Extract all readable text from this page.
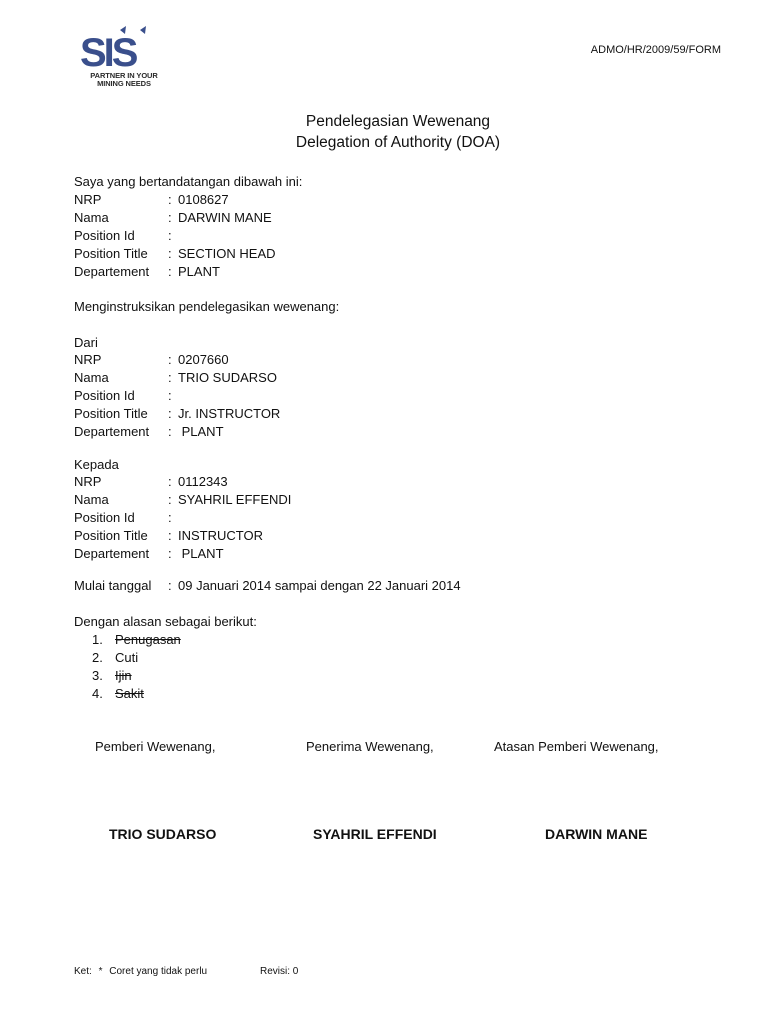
SIS
PARTNER IN YOUR
MINING NEEDS
ADMO/HR/2009/59/FORM
Pendelegasian Wewenang
Delegation of Authority (DOA)
Saya yang bertandatangan dibawah ini:
NRP	: 0108627
Nama	: DARWIN MANE
Position Id	:
Position Title : SECTION HEAD
Departement : PLANT
Menginstruksikan pendelegasikan wewenang:
Dari
NRP	: 0207660
Nama	: TRIO SUDARSO
Position Id	:
Position Title : Jr. INSTRUCTOR
Departement : PLANT
Kepada
NRP	: 0112343
Nama	: SYAHRIL EFFENDI
Position Id	:
Position Title : INSTRUCTOR
Departement : PLANT
Mulai tanggal : 09 Januari 2014 sampai dengan 22 Januari 2014
Dengan alasan sebagai berikut:
1. Penugasan
2. Cuti
3. Ijin
4. Sakit
Pemberi Wewenang,	Penerima Wewenang,	Atasan Pemberi Wewenang,
TRIO SUDARSO	SYAHRIL EFFENDI	DARWIN MANE
Ket: * Coret yang tidak perlu	Revisi: 0
